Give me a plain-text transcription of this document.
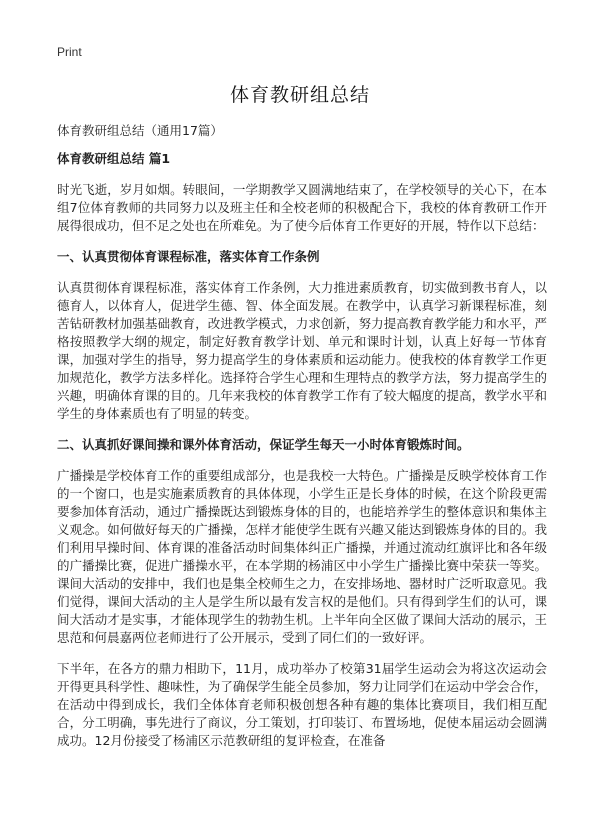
Print
体育教研组总结
体育教研组总结（通用17篇）
体育教研组总结 篇1

时光飞逝，岁月如烟。转眼间，一学期教学又圆满地结束了，在学校领导的关心下，在本组7位体育教师的共同努力以及班主任和全校老师的积极配合下，我校的体育教研工作开展得很成功，但不足之处也在所难免。为了使今后体育工作更好的开展，特作以下总结：

一、认真贯彻体育课程标准，落实体育工作条例

认真贯彻体育课程标准，落实体育工作条例，大力推进素质教育，切实做到教书育人，以德育人，以体育人，促进学生德、智、体全面发展。在教学中，认真学习新课程标准，刻苦钻研教材加强基础教育，改进教学模式，力求创新，努力提高教育教学能力和水平，严格按照教学大纲的规定，制定好教育教学计划、单元和课时计划，认真上好每一节体育课，加强对学生的指导，努力提高学生的身体素质和运动能力。使我校的体育教学工作更加规范化，教学方法多样化。选择符合学生心理和生理特点的教学方法，努力提高学生的兴趣，明确体育课的目的。几年来我校的体育教学工作有了较大幅度的提高，教学水平和学生的身体素质也有了明显的转变。

二、认真抓好课间操和课外体育活动，保证学生每天一小时体育锻炼时间。

广播操是学校体育工作的重要组成部分，也是我校一大特色。广播操是反映学校体育工作的一个窗口，也是实施素质教育的具体体现，小学生正是长身体的时候，在这个阶段更需要参加体育活动，通过广播操既达到锻炼身体的目的，也能培养学生的整体意识和集体主义观念。如何做好每天的广播操，怎样才能使学生既有兴趣又能达到锻炼身体的目的。我们利用早操时间、体育课的准备活动时间集体纠正广播操，并通过流动红旗评比和各年级的广播操比赛，促进广播操水平，在本学期的杨浦区中小学生广播操比赛中荣获一等奖。课间大活动的安排中，我们也是集全校师生之力，在安排场地、器材时广泛听取意见。我们觉得，课间大活动的主人是学生所以最有发言权的是他们。只有得到学生们的认可，课间大活动才是实事，才能体现学生的勃勃生机。上半年向全区做了课间大活动的展示，王思范和何晨嘉两位老师进行了公开展示，受到了同仁们的一致好评。

下半年，在各方的鼎力相助下，11月，成功举办了校第31届学生运动会为将这次运动会开得更具科学性、趣味性，为了确保学生能全员参加，努力让同学们在运动中学会合作，在活动中得到成长，我们全体体育老师积极创想各种有趣的集体比赛项目，我们相互配合，分工明确，事先进行了商议，分工策划，打印装订、布置场地，促使本届运动会圆满成功。12月份接受了杨浦区示范教研组的复评检查，在准备
